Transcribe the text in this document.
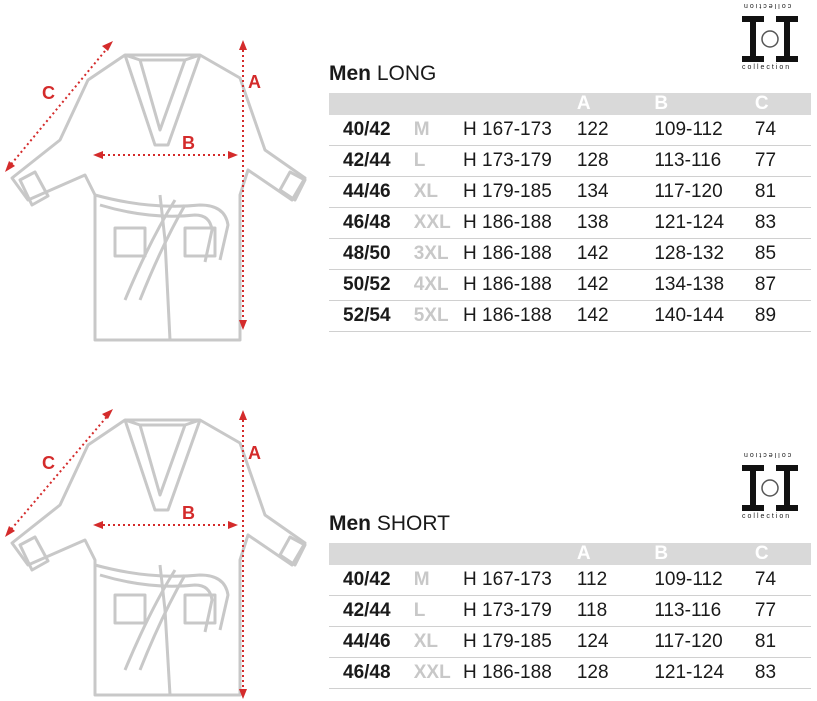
A
B
C
collection
collection
Men LONG
			A	B	C
40/42	M	H 167-173	122	109-112	74
42/44	L	H 173-179	128	113-116	77
44/46	XL	H 179-185	134	117-120	81
46/48	XXL	H 186-188	138	121-124	83
48/50	3XL	H 186-188	142	128-132	85
50/52	4XL	H 186-188	142	134-138	87
52/54	5XL	H 186-188	142	140-144	89
A
B
C	collection
collection
Men SHORT
			A	B	C
40/42	M	H 167-173	112	109-112	74
42/44	L	H 173-179	118	113-116	77
44/46	XL	H 179-185	124	117-120	81
46/48	XXL	H 186-188	128	121-124	83
